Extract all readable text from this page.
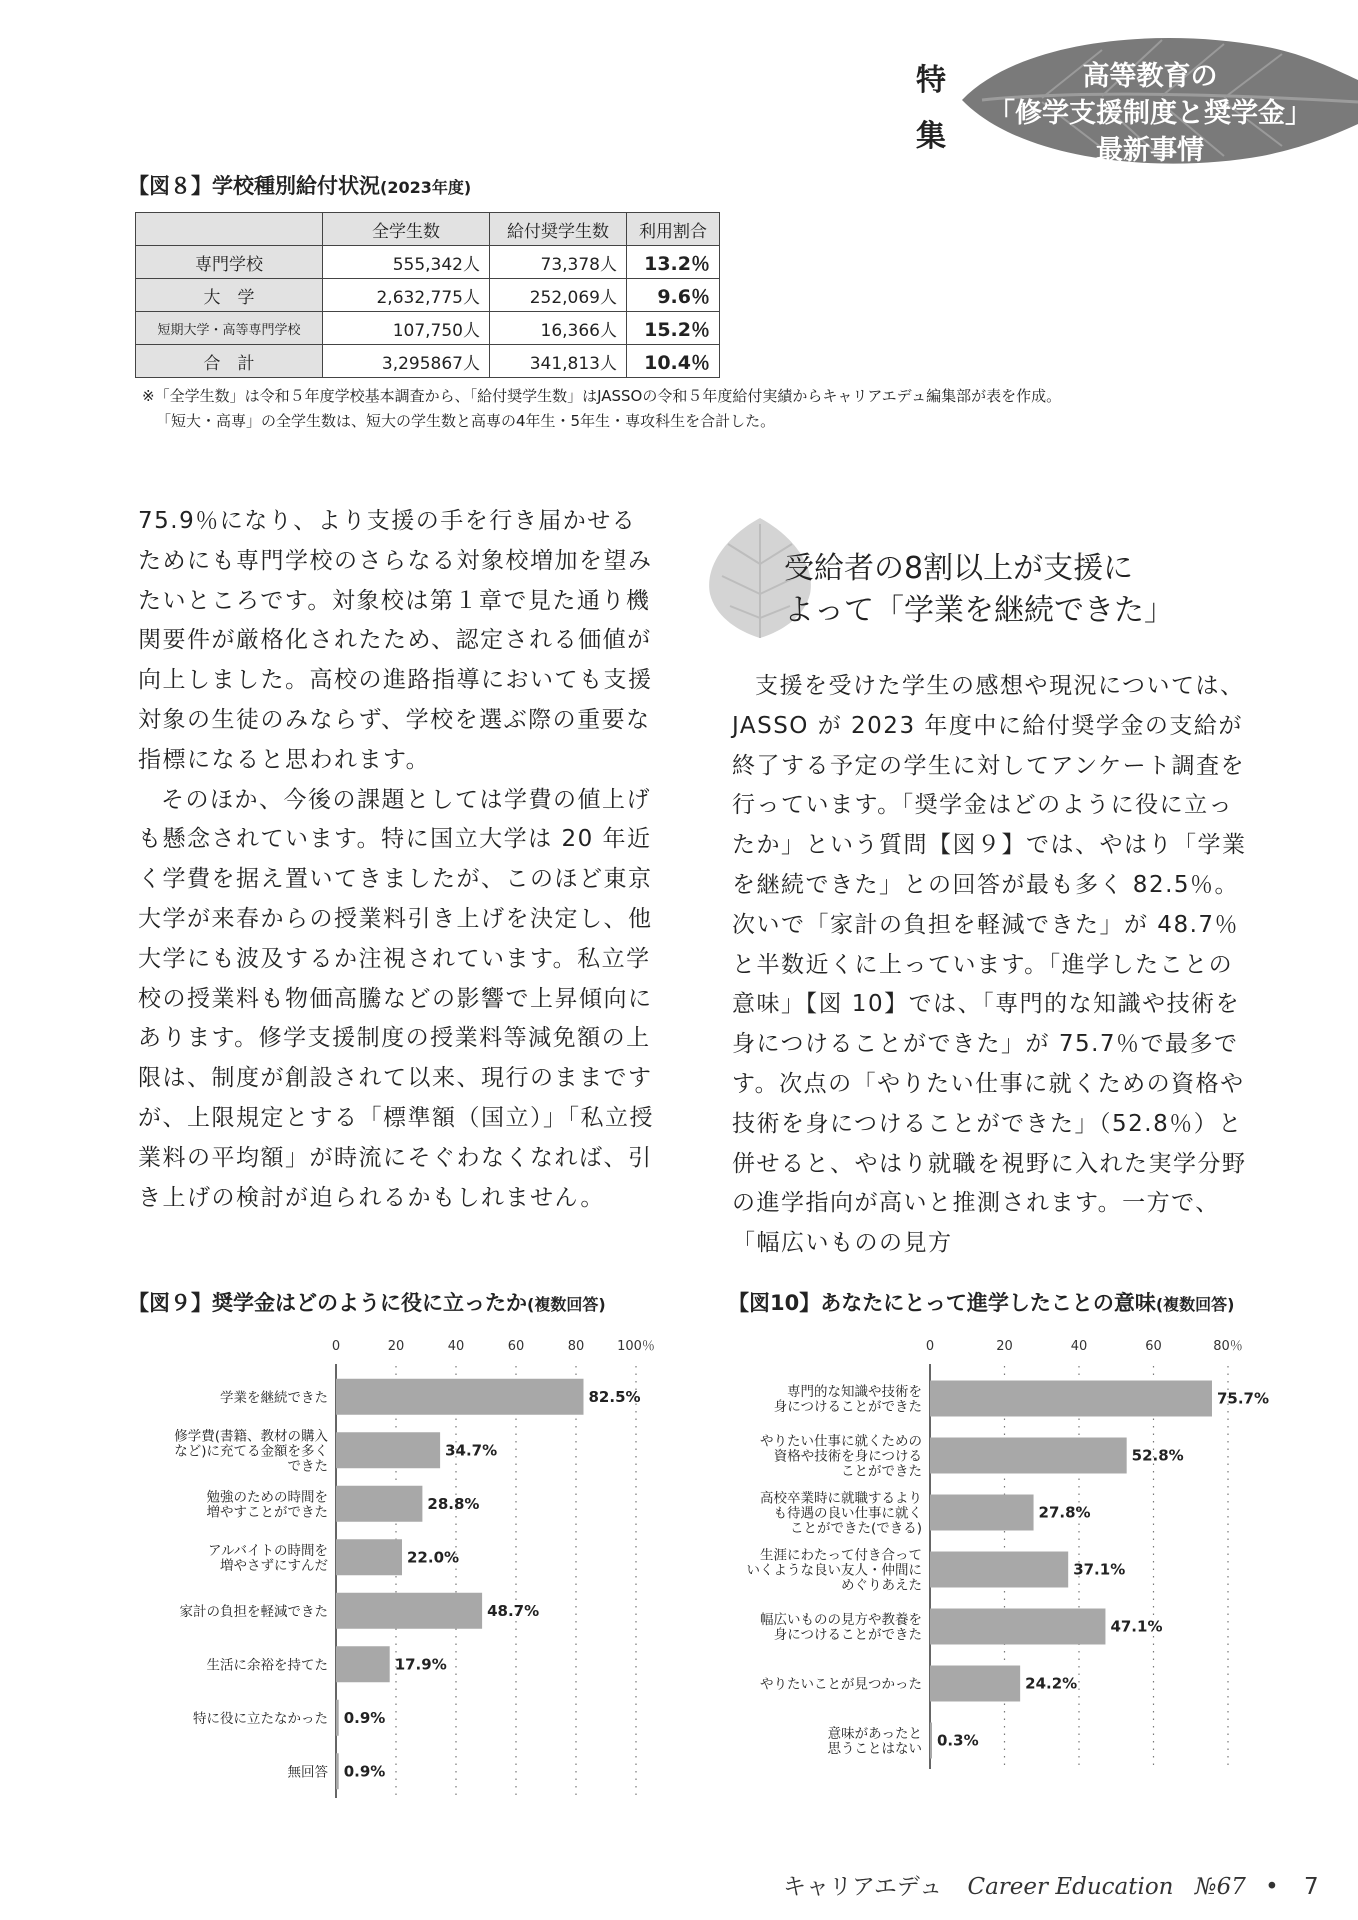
特
集
高等教育の
「修学支援制度と奨学金」
最新事情
【図８】学校種別給付状況(2023年度)
	全学生数	給付奨学生数	利用割合
専門学校	555,342人	73,378人	13.2％
大　学	2,632,775人	252,069人	9.6％
短期大学・高等専門学校	107,750人	16,366人	15.2％
合　計	3,295867人	341,813人	10.4％
※「全学生数」は令和５年度学校基本調査から、「給付奨学生数」はJASSOの令和５年度給付実績からキャリアエデュ編集部が表を作成。
「短大・高専」の全学生数は、短大の学生数と高専の4年生・5年生・専攻科生を合計した。

75.9％になり、より支援の手を行き届かせるためにも専門学校のさらなる対象校増加を望みたいところです。対象校は第１章で見た通り機関要件が厳格化されたため、認定される価値が向上しました。高校の進路指導においても支援対象の生徒のみならず、学校を選ぶ際の重要な指標になると思われます。

そのほか、今後の課題としては学費の値上げも懸念されています。特に国立大学は 20 年近く学費を据え置いてきましたが、このほど東京大学が来春からの授業料引き上げを決定し、他大学にも波及するか注視されています。私立学校の授業料も物価高騰などの影響で上昇傾向にあります。修学支援制度の授業料等減免額の上限は、制度が創設されて以来、現行のままですが、上限規定とする「標準額（国立）」「私立授業料の平均額」が時流にそぐわなくなれば、引き上げの検討が迫られるかもしれません。

受給者の8割以上が支援に
よって「学業を継続できた」

支援を受けた学生の感想や現況については、JASSO が 2023 年度中に給付奨学金の支給が終了する予定の学生に対してアンケート調査を行っています。「奨学金はどのように役に立ったか」という質問【図９】では、やはり「学業を継続できた」との回答が最も多く 82.5％。次いで「家計の負担を軽減できた」が 48.7％と半数近くに上っています。「進学したことの意味」【図 10】では、「専門的な知識や技術を身につけることができた」が 75.7％で最多です。次点の「やりたい仕事に就くための資格や技術を身につけることができた」（52.8％）と併せると、やはり就職を視野に入れた実学分野の進学指向が高いと推測されます。一方で、「幅広いものの見方

【図９】奨学金はどのように役に立ったか(複数回答)
0	20	40	60	80	100％
82.5%
学業を継続できた
34.7%
修学費(書籍、教材の購入
など)に充てる金額を多く
できた
28.8%
勉強のための時間を
増やすことができた
22.0%
アルバイトの時間を
増やさずにすんだ
48.7%
家計の負担を軽減できた
17.9%
生活に余裕を持てた
0.9%
特に役に立たなかった
0.9%
無回答
【図10】あなたにとって進学したことの意味(複数回答)
0	20	40	60	80％
75.7%
専門的な知識や技術を
身につけることができた
52.8%
やりたい仕事に就くための
資格や技術を身につける
ことができた
27.8%
高校卒業時に就職するより
も待遇の良い仕事に就く
ことができた(できる)
37.1%
生涯にわたって付き合って
いくような良い友人・仲間に
めぐりあえた
47.1%
幅広いものの見方や教養を
身につけることができた
24.2%
やりたいことが見つかった
0.3%
意味があったと
思うことはない
キャリアエデュ Career Education №67 • 7
